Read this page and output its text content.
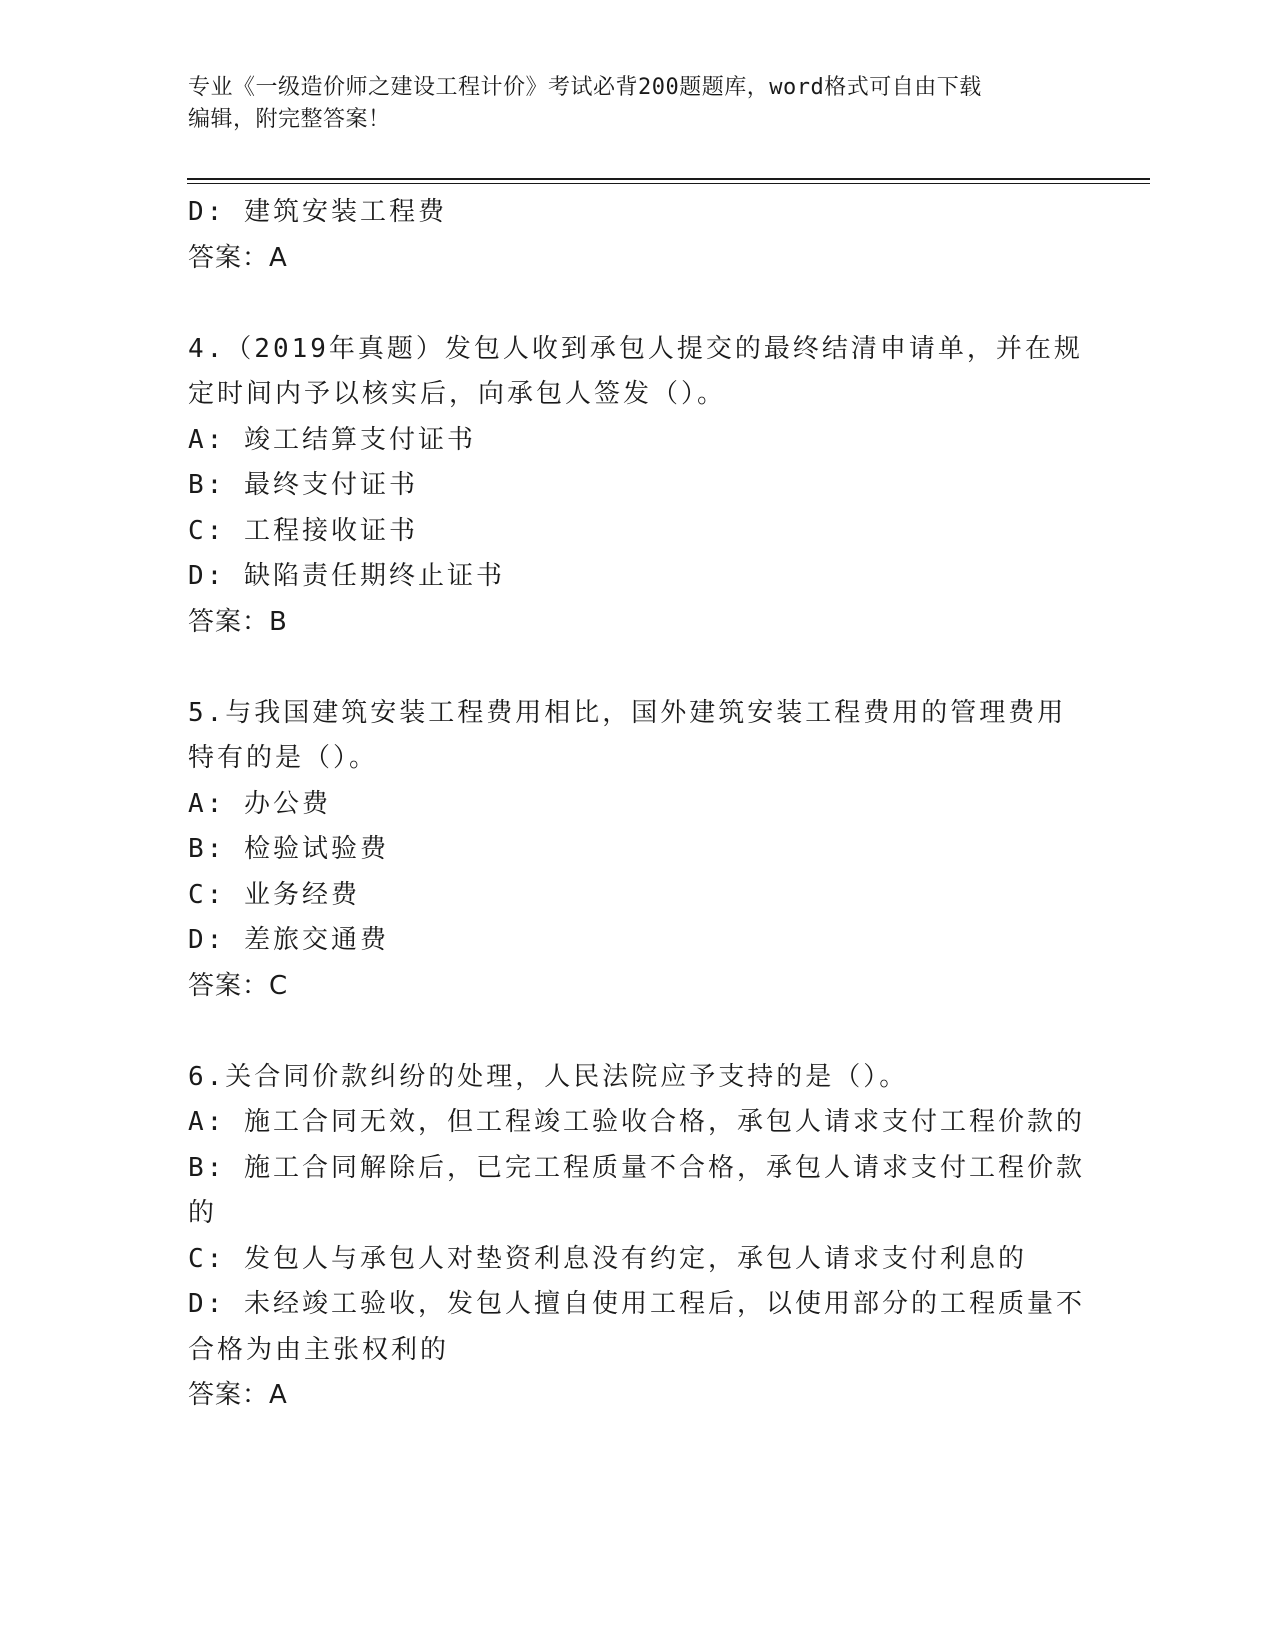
专业《一级造价师之建设工程计价》考试必背200题题库，word格式可自由下载
编辑，附完整答案！
D: 建筑安装工程费
答案：A
4.（2019年真题）发包人收到承包人提交的最终结清申请单，并在规
定时间内予以核实后，向承包人签发（）。
A: 竣工结算支付证书
B: 最终支付证书
C: 工程接收证书
D: 缺陷责任期终止证书
答案：B
5.与我国建筑安装工程费用相比，国外建筑安装工程费用的管理费用
特有的是（）。
A: 办公费
B: 检验试验费
C: 业务经费
D: 差旅交通费
答案：C
6.关合同价款纠纷的处理，人民法院应予支持的是（）。
A: 施工合同无效，但工程竣工验收合格，承包人请求支付工程价款的
B: 施工合同解除后，已完工程质量不合格，承包人请求支付工程价款
的
C: 发包人与承包人对垫资利息没有约定，承包人请求支付利息的
D: 未经竣工验收，发包人擅自使用工程后，以使用部分的工程质量不
合格为由主张权利的
答案：A
